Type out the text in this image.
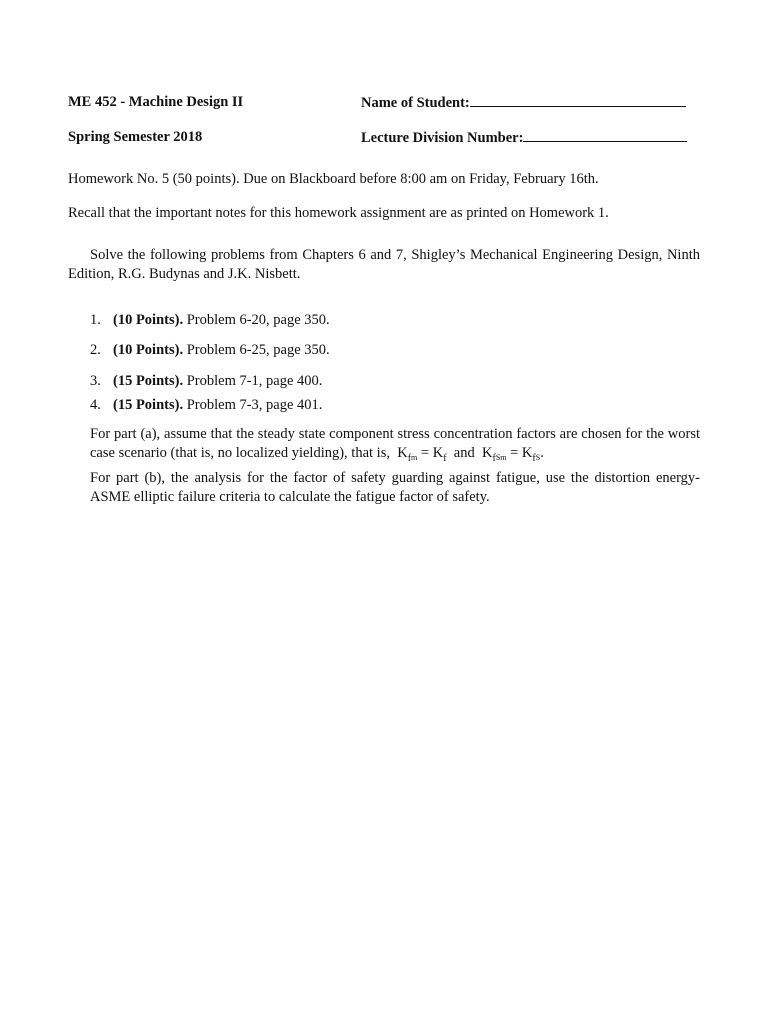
ME 452 - Machine Design II	Name of Student:
Spring Semester 2018	Lecture Division Number:
Homework No. 5 (50 points). Due on Blackboard before 8:00 am on Friday, February 16th.
Recall that the important notes for this homework assignment are as printed on Homework 1.
Solve the following problems from Chapters 6 and 7, Shigley’s Mechanical Engineering Design, Ninth Edition, R.G. Budynas and J.K. Nisbett.
1. (10 Points). Problem 6-20, page 350.
2. (10 Points). Problem 6-25, page 350.
3. (15 Points). Problem 7-1, page 400.
4. (15 Points). Problem 7-3, page 401.
For part (a), assume that the steady state component stress concentration factors are chosen for the worst case scenario (that is, no localized yielding), that is, $K_{fm} = K_f$ and $K_{fSm} = K_{fS}$.
For part (b), the analysis for the factor of safety guarding against fatigue, use the distortion energy-ASME elliptic failure criteria to calculate the fatigue factor of safety.
